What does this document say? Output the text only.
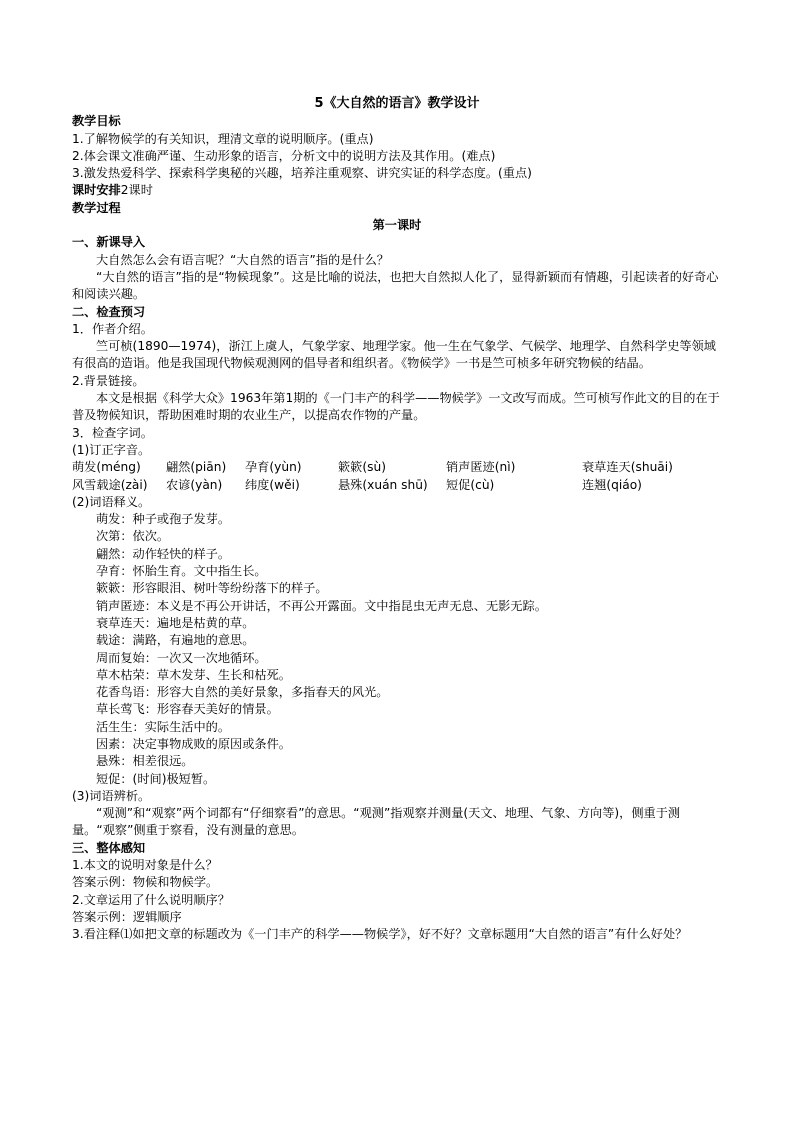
5《大自然的语言》教学设计
教学目标
1.了解物候学的有关知识，理清文章的说明顺序。(重点)
2.体会课文准确严谨、生动形象的语言，分析文中的说明方法及其作用。(难点)
3.激发热爱科学、探索科学奥秘的兴趣，培养注重观察、讲究实证的科学态度。(重点)
课时安排2课时
教学过程
第一课时
一、新课导入
大自然怎么会有语言呢？“大自然的语言”指的是什么？
“大自然的语言”指的是“物候现象”。这是比喻的说法，也把大自然拟人化了，显得新颖而有情趣，引起读者的好奇心和阅读兴趣。
二、检查预习
1．作者介绍。
竺可桢(1890—1974)，浙江上虞人，气象学家、地理学家。他一生在气象学、气候学、地理学、自然科学史等领域有很高的造诣。他是我国现代物候观测网的倡导者和组织者。《物候学》一书是竺可桢多年研究物候的结晶。
2.背景链接。
本文是根据《科学大众》1963年第1期的《一门丰产的科学——物候学》一文改写而成。竺可桢写作此文的目的在于普及物候知识，帮助困难时期的农业生产，以提高农作物的产量。
3．检查字词。
(1)订正字音。
萌发(méng)	翩然(piān)	孕育(yùn)	簌簌(sù)	销声匿迹(nì)	衰草连天(shuāi)
风雪载途(zài)	农谚(yàn)	纬度(wěi)	悬殊(xuán shū)	短促(cù)	连翘(qiáo)
(2)词语释义。
萌发：种子或孢子发芽。
次第：依次。
翩然：动作轻快的样子。
孕育：怀胎生育。文中指生长。
簌簌：形容眼泪、树叶等纷纷落下的样子。
销声匿迹：本义是不再公开讲话，不再公开露面。文中指昆虫无声无息、无影无踪。
衰草连天：遍地是枯黄的草。
载途：满路，有遍地的意思。
周而复始：一次又一次地循环。
草木枯荣：草木发芽、生长和枯死。
花香鸟语：形容大自然的美好景象，多指春天的风光。
草长莺飞：形容春天美好的情景。
活生生：实际生活中的。
因素：决定事物成败的原因或条件。
悬殊：相差很远。
短促：(时间)极短暂。
(3)词语辨析。
“观测”和“观察”两个词都有“仔细察看”的意思。“观测”指观察并测量(天文、地理、气象、方向等)，侧重于测量。“观察”侧重于察看，没有测量的意思。
三、整体感知
1.本文的说明对象是什么？
答案示例：物候和物候学。
2.文章运用了什么说明顺序？
答案示例：逻辑顺序
3.看注释⑴如把文章的标题改为《一门丰产的科学——物候学》，好不好？文章标题用“大自然的语言”有什么好处？
